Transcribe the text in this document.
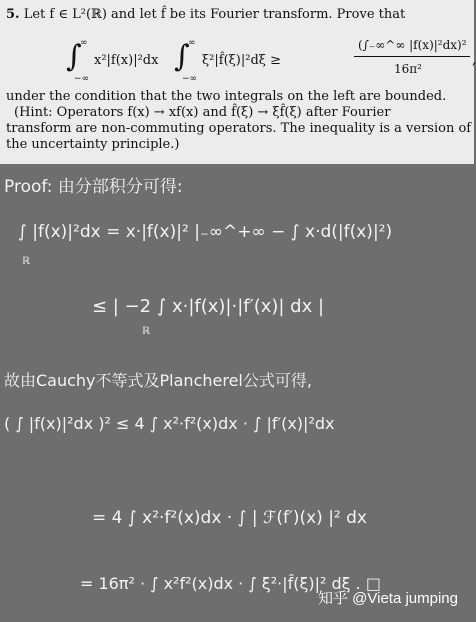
5. Let f ∈ L²(ℝ) and let f̂ be its Fourier transform. Prove that
∫
∞
−∞
x²|f(x)|²dx ∫
∞
−∞
ξ²|f̂(ξ)|²dξ ≥
(∫₋∞^∞ |f(x)|²dx)²
16π²
,
under the condition that the two integrals on the left are bounded.
(Hint: Operators f(x) → xf(x) and f̂(ξ) → ξf̂(ξ) after Fourier
transform are non-commuting operators. The inequality is a version of
the uncertainty principle.)
Proof: 由分部积分可得:
∫ |f(x)|²dx = x·|f(x)|² |₋∞^+∞ − ∫ x·d(|f(x)|²)
ℝ
≤ | −2 ∫ x·|f(x)|·|f′(x)| dx |
ℝ
故由Cauchy不等式及Plancherel公式可得,
( ∫ |f(x)|²dx )² ≤ 4 ∫ x²·f²(x)dx · ∫ |f′(x)|²dx
= 4 ∫ x²·f²(x)dx · ∫ | ℱ(f′)(x) |² dx
= 16π² · ∫ x²f²(x)dx · ∫ ξ²·|f̂(ξ)|² dξ . □
知乎 @Vieta jumping
